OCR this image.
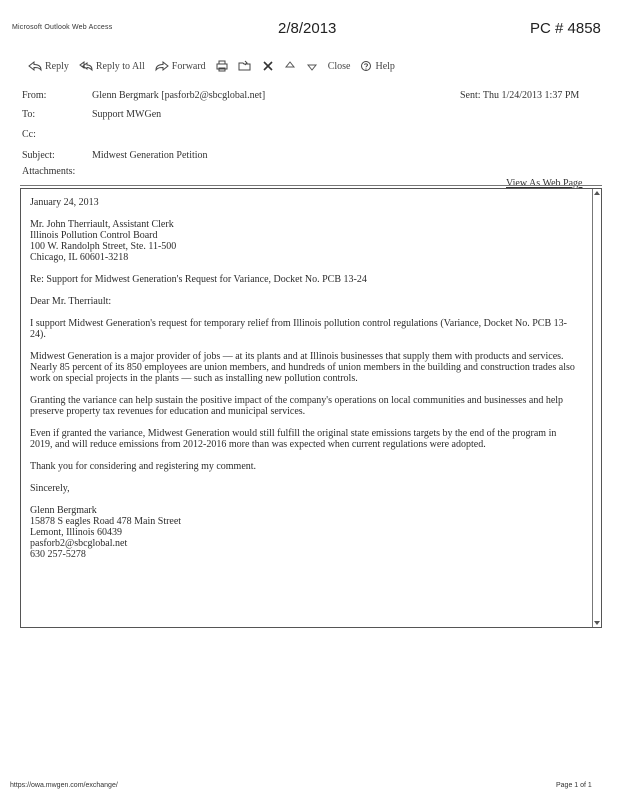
Microsoft Outlook Web Access	2/8/2013	PC # 4858
Reply	Reply to All	Forward	Close	Help
From:	Glenn Bergmark [pasforb2@sbcglobal.net]	Sent: Thu 1/24/2013 1:37 PM
To:	Support MWGen
Cc:
Subject:	Midwest Generation Petition
Attachments:
View As Web Page

January 24, 2013

Mr. John Therriault, Assistant Clerk

Illinois Pollution Control Board

100 W. Randolph Street, Ste. 11-500

Chicago, IL 60601-3218

Re: Support for Midwest Generation's Request for Variance, Docket No. PCB 13-24

Dear Mr. Therriault:

I support Midwest Generation's request for temporary relief from Illinois pollution control regulations (Variance, Docket No. PCB 13-24).

Midwest Generation is a major provider of jobs — at its plants and at Illinois businesses that supply them with products and services. Nearly 85 percent of its 850 employees are union members, and hundreds of union members in the building and construction trades also work on special projects in the plants — such as installing new pollution controls.

Granting the variance can help sustain the positive impact of the company's operations on local communities and businesses and help preserve property tax revenues for education and municipal services.

Even if granted the variance, Midwest Generation would still fulfill the original state emissions targets by the end of the program in 2019, and will reduce emissions from 2012-2016 more than was expected when current regulations were adopted.

Thank you for considering and registering my comment.

Sincerely,

Glenn Bergmark

15878 S eagles Road 478 Main Street

Lemont, Illinois 60439

pasforb2@sbcglobal.net

630 257-5278

https://owa.mwgen.com/exchange/	Page 1 of 1
